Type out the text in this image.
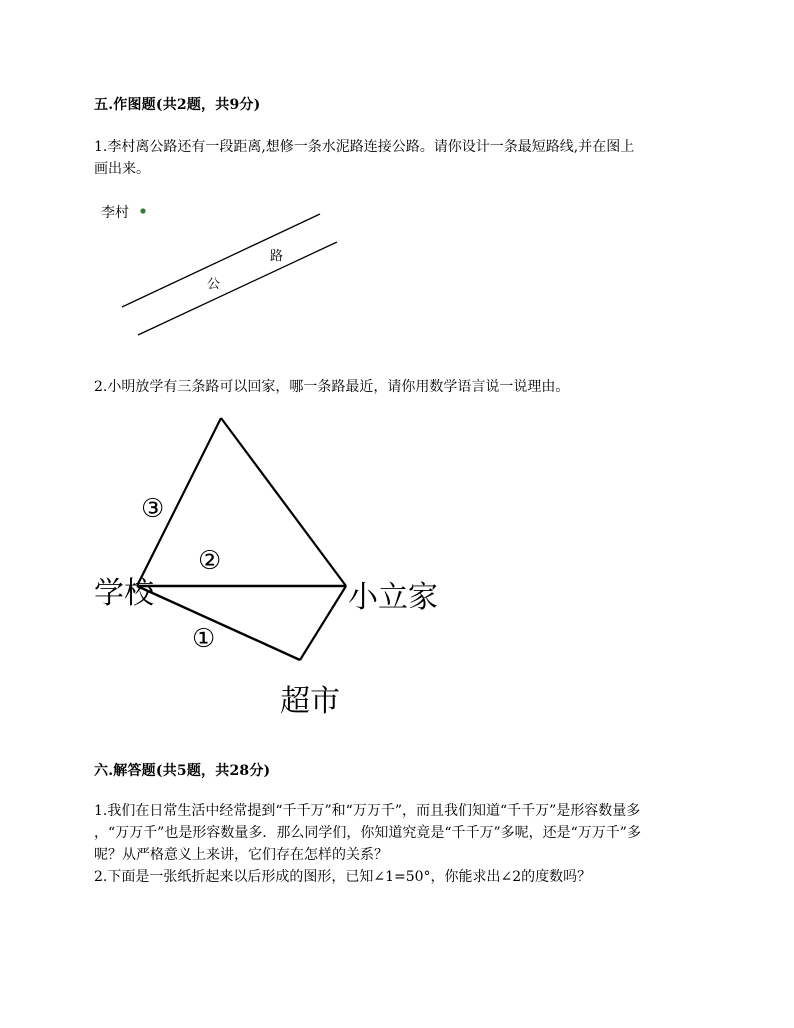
五.作图题(共2题，共9分)

1.李村离公路还有一段距离,想修一条水泥路连接公路。请你设计一条最短路线,并在图上

画出来。

李村
路
公

2.小明放学有三条路可以回家，哪一条路最近，请你用数学语言说一说理由。

③
②
①
学校	小立家
超市
六.解答题(共5题，共28分)

1.我们在日常生活中经常提到“千千万”和“万万千”，而且我们知道“千千万”是形容数量多

，“万万千”也是形容数量多．那么同学们，你知道究竟是“千千万”多呢，还是“万万千”多

呢？从严格意义上来讲，它们存在怎样的关系？

2.下面是一张纸折起来以后形成的图形，已知∠1=50°，你能求出∠2的度数吗？
